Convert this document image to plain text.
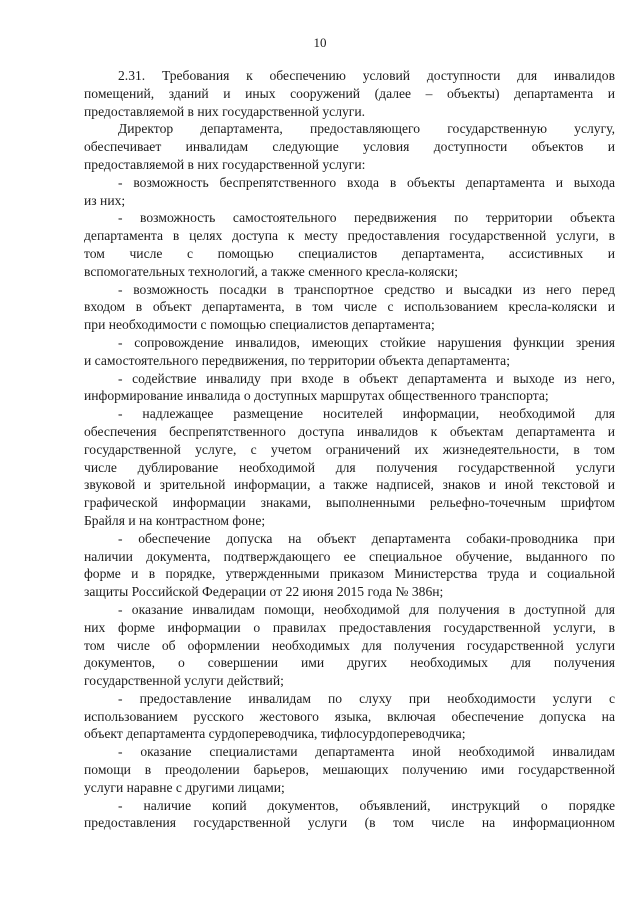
10
2.31. Требования к обеспечению условий доступности для инвалидов
помещений, зданий и иных сооружений (далее – объекты) департамента и
предоставляемой в них государственной услуги.
Директор департамента, предоставляющего государственную услугу,
обеспечивает инвалидам следующие условия доступности объектов и
предоставляемой в них государственной услуги:
- возможность беспрепятственного входа в объекты департамента и выхода
из них;
- возможность самостоятельного передвижения по территории объекта
департамента в целях доступа к месту предоставления государственной услуги, в
том числе с помощью специалистов департамента, ассистивных и
вспомогательных технологий, а также сменного кресла-коляски;
- возможность посадки в транспортное средство и высадки из него перед
входом в объект департамента, в том числе с использованием кресла-коляски и
при необходимости с помощью специалистов департамента;
- сопровождение инвалидов, имеющих стойкие нарушения функции зрения
и самостоятельного передвижения, по территории объекта департамента;
- содействие инвалиду при входе в объект департамента и выходе из него,
информирование инвалида о доступных маршрутах общественного транспорта;
- надлежащее размещение носителей информации, необходимой для
обеспечения беспрепятственного доступа инвалидов к объектам департамента и
государственной услуге, с учетом ограничений их жизнедеятельности, в том
числе дублирование необходимой для получения государственной услуги
звуковой и зрительной информации, а также надписей, знаков и иной текстовой и
графической информации знаками, выполненными рельефно-точечным шрифтом
Брайля и на контрастном фоне;
- обеспечение допуска на объект департамента собаки-проводника при
наличии документа, подтверждающего ее специальное обучение, выданного по
форме и в порядке, утвержденными приказом Министерства труда и социальной
защиты Российской Федерации от 22 июня 2015 года № 386н;
- оказание инвалидам помощи, необходимой для получения в доступной для
них форме информации о правилах предоставления государственной услуги, в
том числе об оформлении необходимых для получения государственной услуги
документов, о совершении ими других необходимых для получения
государственной услуги действий;
- предоставление инвалидам по слуху при необходимости услуги с
использованием русского жестового языка, включая обеспечение допуска на
объект департамента сурдопереводчика, тифлосурдопереводчика;
- оказание специалистами департамента иной необходимой инвалидам
помощи в преодолении барьеров, мешающих получению ими государственной
услуги наравне с другими лицами;
- наличие копий документов, объявлений, инструкций о порядке
предоставления государственной услуги (в том числе на информационном
